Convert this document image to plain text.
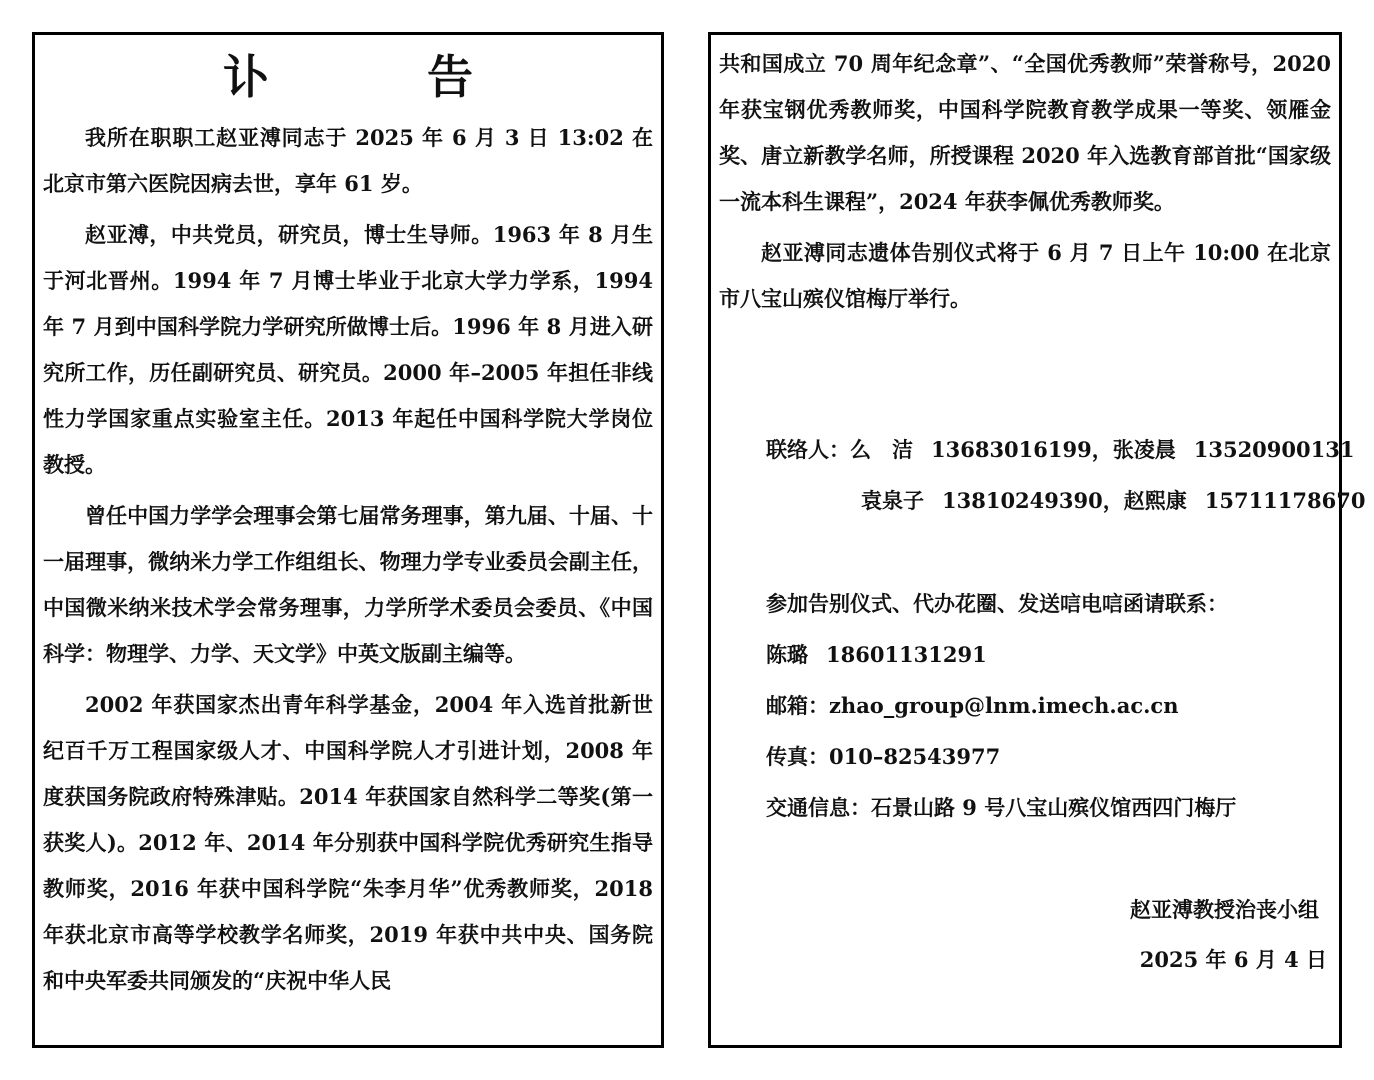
讣　告

我所在职职工赵亚溥同志于 2025 年 6 月 3 日 13:02 在北京市第六医院因病去世，享年 61 岁。

赵亚溥，中共党员，研究员，博士生导师。1963 年 8 月生于河北晋州。1994 年 7 月博士毕业于北京大学力学系，1994 年 7 月到中国科学院力学研究所做博士后。1996 年 8 月进入研究所工作，历任副研究员、研究员。2000 年–2005 年担任非线性力学国家重点实验室主任。2013 年起任中国科学院大学岗位教授。

曾任中国力学学会理事会第七届常务理事，第九届、十届、十一届理事，微纳米力学工作组组长、物理力学专业委员会副主任，中国微米纳米技术学会常务理事，力学所学术委员会委员、《中国科学：物理学、力学、天文学》中英文版副主编等。

2002 年获国家杰出青年科学基金，2004 年入选首批新世纪百千万工程国家级人才、中国科学院人才引进计划，2008 年度获国务院政府特殊津贴。2014 年获国家自然科学二等奖(第一获奖人)。2012 年、2014 年分别获中国科学院优秀研究生指导教师奖，2016 年获中国科学院“朱李月华”优秀教师奖，2018 年获北京市高等学校教学名师奖，2019 年获中共中央、国务院和中央军委共同颁发的“庆祝中华人民

共和国成立 70 周年纪念章”、“全国优秀教师”荣誉称号，2020 年获宝钢优秀教师奖，中国科学院教育教学成果一等奖、领雁金奖、唐立新教学名师，所授课程 2020 年入选教育部首批“国家级一流本科生课程”，2024 年获李佩优秀教师奖。

赵亚溥同志遗体告别仪式将于 6 月 7 日上午 10:00 在北京市八宝山殡仪馆梅厅举行。

联络人：么　洁 13683016199，张凌晨 13520900131
袁泉子 13810249390，赵熙康 15711178670
参加告别仪式、代办花圈、发送唁电唁函请联系：
陈璐 18601131291
邮箱：zhao_group@lnm.imech.ac.cn
传真：010–82543977
交通信息：石景山路 9 号八宝山殡仪馆西四门梅厅
赵亚溥教授治丧小组
2025 年 6 月 4 日
